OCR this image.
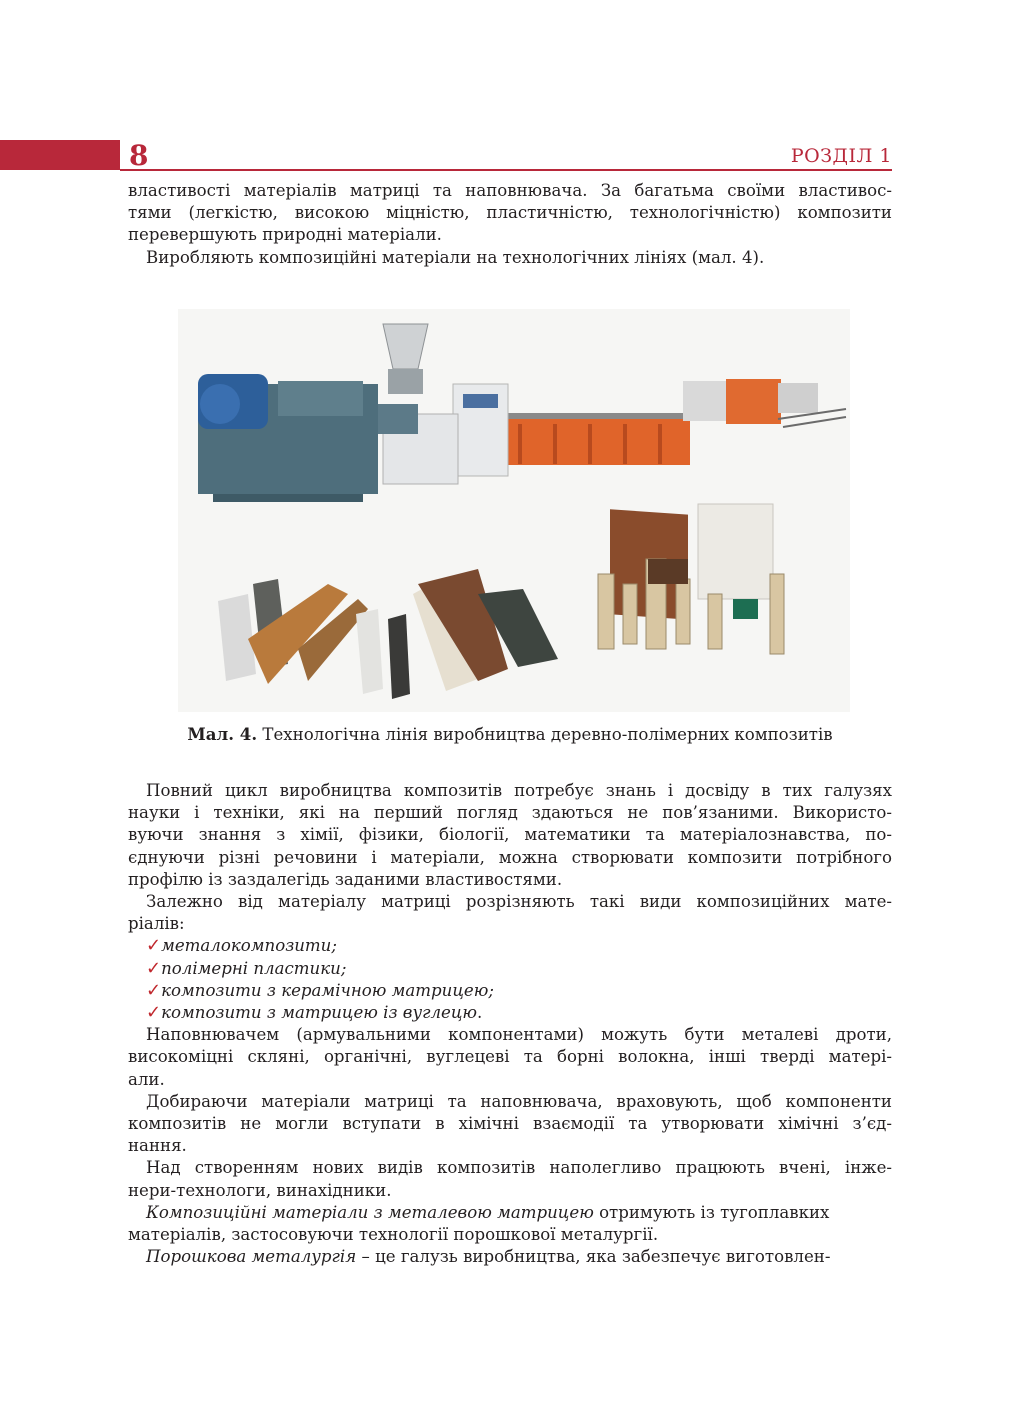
8	РОЗДІЛ 1
властивості матеріалів матриці та наповнювача. За багатьма своїми властивос-
тями (легкістю, високою міцністю, пластичністю, технологічністю) композити
перевершують природні матеріали.
Виробляють композиційні матеріали на технологічних лініях (мал. 4).
Мал. 4. Технологічна лінія виробництва деревно-полімерних композитів
Повний цикл виробництва композитів потребує знань і досвіду в тих галузях
науки і техніки, які на перший погляд здаються не пов’язаними. Використо-
вуючи знання з хімії, фізики, біології, математики та матеріалознавства, по-
єднуючи різні речовини і матеріали, можна створювати композити потрібного
профілю із заздалегідь заданими властивостями.
Залежно від матеріалу матриці розрізняють такі види композиційних мате-
ріалів:
✓металокомпозити;
✓полімерні пластики;
✓композити з керамічною матрицею;
✓композити з матрицею із вуглецю.
Наповнювачем (армувальними компонентами) можуть бути металеві дроти,
високоміцні скляні, органічні, вуглецеві та борні волокна, інші тверді матері-
али.
Добираючи матеріали матриці та наповнювача, враховують, щоб компоненти
композитів не могли вступати в хімічні взаємодії та утворювати хімічні з’єд-
нання.
Над створенням нових видів композитів наполегливо працюють вчені, інже-
нери-технологи, винахідники.
Композиційні матеріали з металевою матрицею отримують із тугоплавких
матеріалів, застосовуючи технології порошкової металургії.
Порошкова металургія – це галузь виробництва, яка забезпечує виготовлен-
